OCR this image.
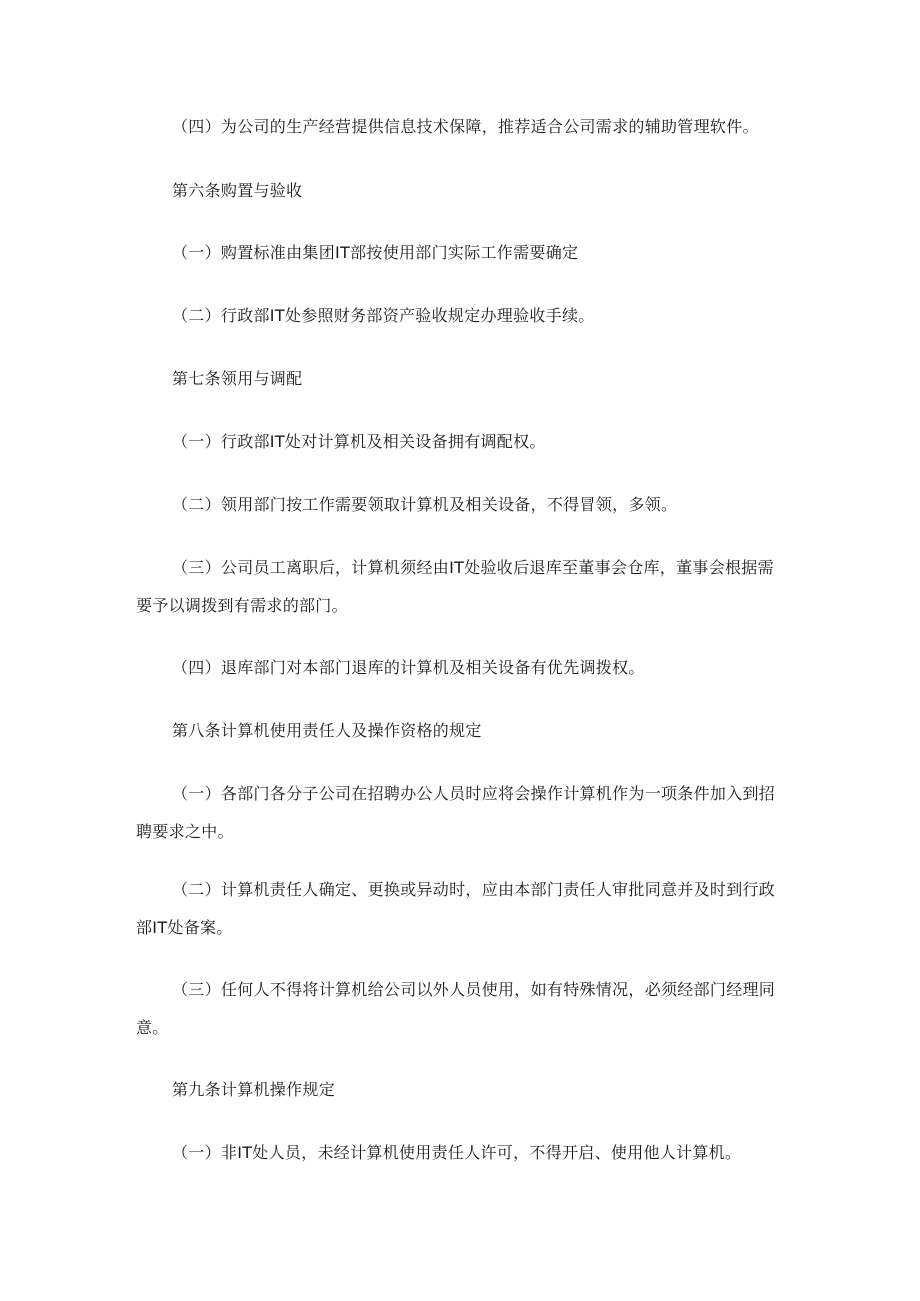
（四）为公司的生产经营提供信息技术保障，推荐适合公司需求的辅助管理软件。

第六条购置与验收

（一）购置标准由集团IT部按使用部门实际工作需要确定

（二）行政部IT处参照财务部资产验收规定办理验收手续。

第七条领用与调配

（一）行政部IT处对计算机及相关设备拥有调配权。

（二）领用部门按工作需要领取计算机及相关设备，不得冒领，多领。

（三）公司员工离职后，计算机须经由IT处验收后退库至董事会仓库，董事会根据需要予以调拨到有需求的部门。

（四）退库部门对本部门退库的计算机及相关设备有优先调拨权。

第八条计算机使用责任人及操作资格的规定

（一）各部门各分子公司在招聘办公人员时应将会操作计算机作为一项条件加入到招聘要求之中。

（二）计算机责任人确定、更换或异动时，应由本部门责任人审批同意并及时到行政部IT处备案。

（三）任何人不得将计算机给公司以外人员使用，如有特殊情况，必须经部门经理同意。

第九条计算机操作规定

（一）非IT处人员，未经计算机使用责任人许可，不得开启、使用他人计算机。
